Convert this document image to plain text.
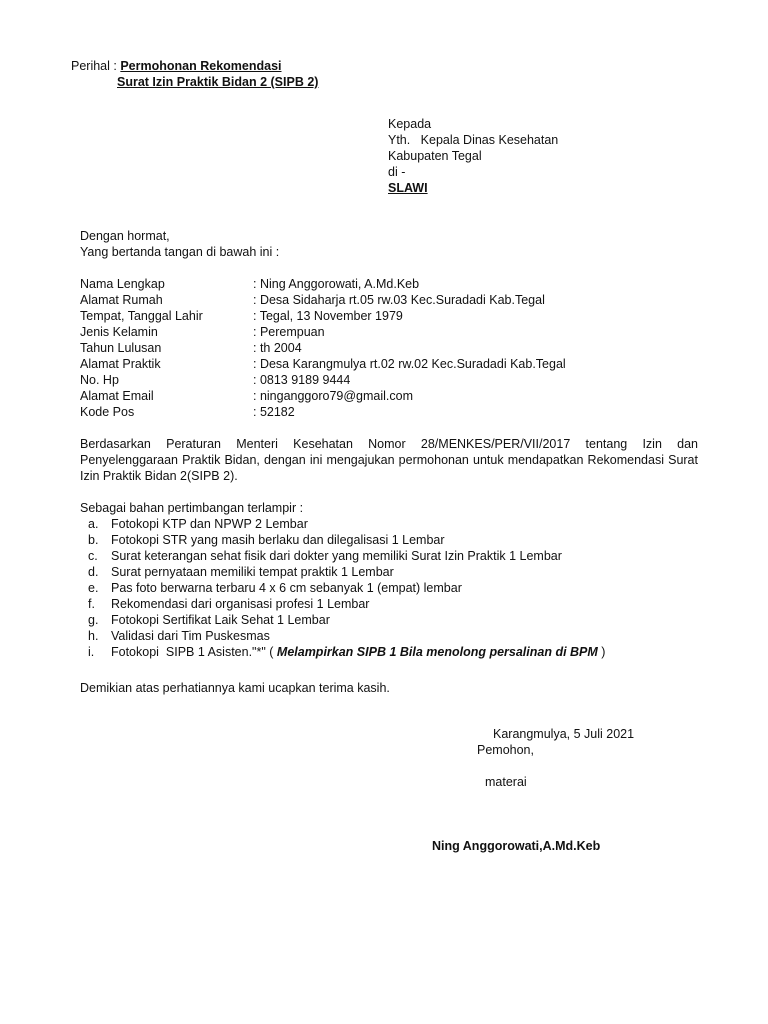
Perihal : Permohonan Rekomendasi
Surat Izin Praktik Bidan 2 (SIPB 2)
Kepada
Yth.   Kepala Dinas Kesehatan
Kabupaten Tegal
di -
SLAWI
Dengan hormat,
Yang bertanda tangan di bawah ini :
Nama Lengkap	: Ning Anggorowati, A.Md.Keb
Alamat Rumah	: Desa Sidaharja rt.05 rw.03 Kec.Suradadi Kab.Tegal
Tempat, Tanggal Lahir	: Tegal, 13 November 1979
Jenis Kelamin	: Perempuan
Tahun Lulusan	: th 2004
Alamat Praktik	: Desa Karangmulya rt.02 rw.02 Kec.Suradadi Kab.Tegal
No. Hp	: 0813 9189 9444
Alamat Email	: ninganggoro79@gmail.com
Kode Pos	: 52182
Berdasarkan Peraturan Menteri Kesehatan Nomor 28/MENKES/PER/VII/2017 tentang Izin dan
Penyelenggaraan Praktik Bidan, dengan ini mengajukan permohonan untuk mendapatkan Rekomendasi Surat
Izin Praktik Bidan 2(SIPB 2).
Sebagai bahan pertimbangan terlampir :
a. Fotokopi KTP dan NPWP 2 Lembar
b. Fotokopi STR yang masih berlaku dan dilegalisasi 1 Lembar
c. Surat keterangan sehat fisik dari dokter yang memiliki Surat Izin Praktik 1 Lembar
d. Surat pernyataan memiliki tempat praktik 1 Lembar
e. Pas foto berwarna terbaru 4 x 6 cm sebanyak 1 (empat) lembar
f. Rekomendasi dari organisasi profesi 1 Lembar
g. Fotokopi Sertifikat Laik Sehat 1 Lembar
h. Validasi dari Tim Puskesmas
i. Fotokopi  SIPB 1 Asisten."*" ( Melampirkan SIPB 1 Bila menolong persalinan di BPM )
Demikian atas perhatiannya kami ucapkan terima kasih.
Karangmulya, 5 Juli 2021
Pemohon,
materai
Ning Anggorowati,A.Md.Keb
